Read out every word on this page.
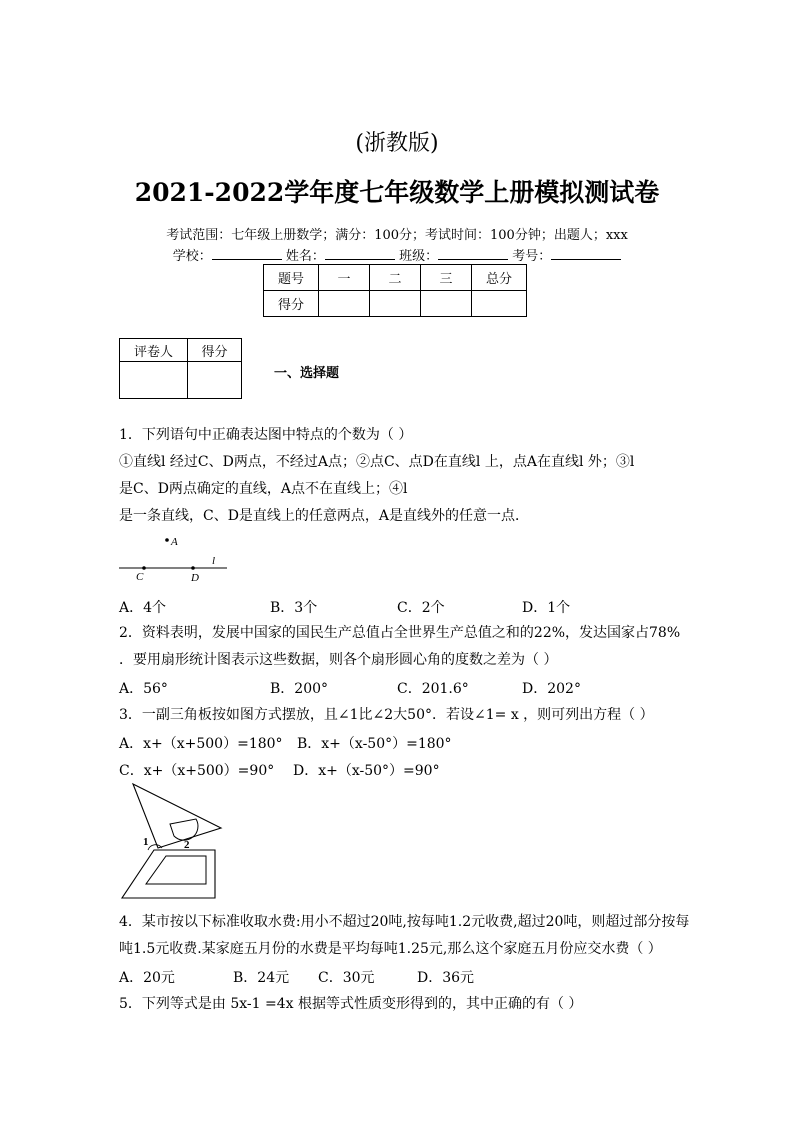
(浙教版)
2021-2022学年度七年级数学上册模拟测试卷
考试范围：七年级上册数学；满分：100分；考试时间：100分钟；出题人；xxx
学校：	姓名：	班级：	考号：
题号	一	二	三	总分
得分				
评卷人	得分

一、选择题
1．下列语句中正确表达图中特点的个数为（ ）
①直线l 经过C、D两点，不经过A点；②点C、点D在直线l 上，点A在直线l 外；③l
是C、D两点确定的直线，A点不在直线上；④l
是一条直线，C、D是直线上的任意两点，A是直线外的任意一点．
A
C	D
l
A．4个	B．3个	C．2个	D．1个
2．资料表明，发展中国家的国民生产总值占全世界生产总值之和的22%，发达国家占78%
．要用扇形统计图表示这些数据，则各个扇形圆心角的度数之差为（ ）
A．56°	B．200°	C．201.6°	D．202°
3．一副三角板按如图方式摆放，且∠1比∠2大50°．若设∠1= x ，则可列出方程（ ）
A．x+（x+500）=180° B．x+（x-50°）=180°
C．x+（x+500）=90° D．x+（x-50°）=90°
1	2
4．某市按以下标准收取水费:用小不超过20吨,按每吨1.2元收费,超过20吨，则超过部分按每
吨1.5元收费.某家庭五月份的水费是平均每吨1.25元,那么这个家庭五月份应交水费（ ）
A．20元	B．24元 C．30元	D．36元
5．下列等式是由 5x-1 =4x 根据等式性质变形得到的，其中正确的有（ ）
